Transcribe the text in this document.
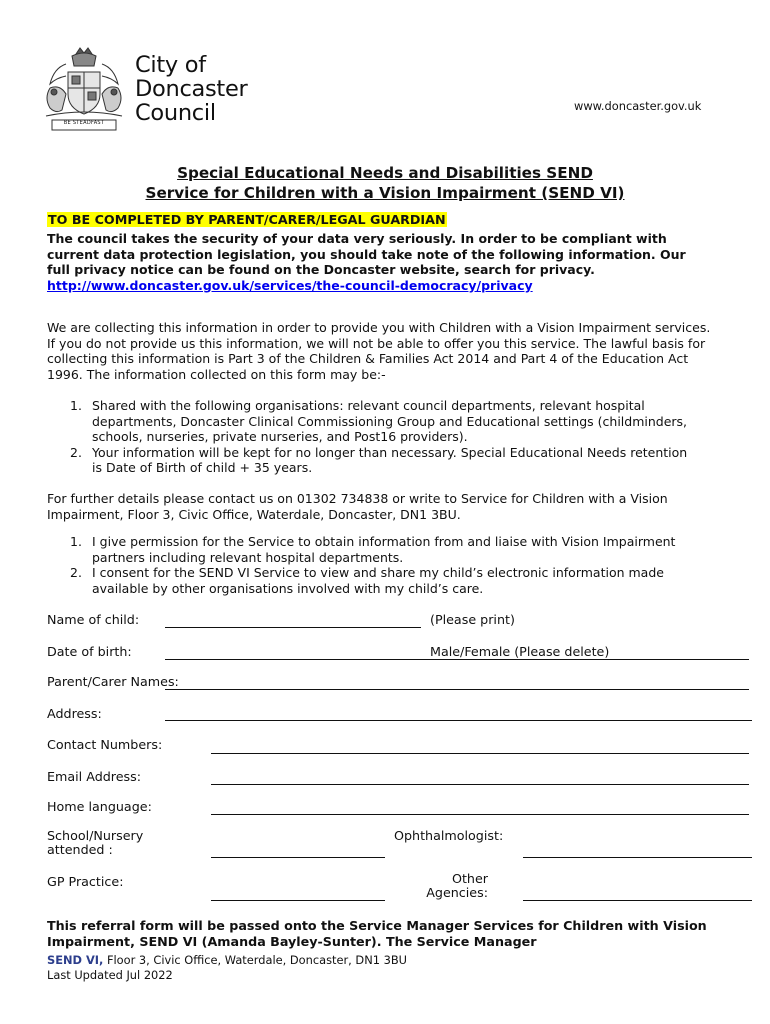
BE STEADFAST
City of
Doncaster
Council	www.doncaster.gov.uk
Special Educational Needs and Disabilities SEND
Service for Children with a Vision Impairment (SEND VI)
TO BE COMPLETED BY PARENT/CARER/LEGAL GUARDIAN
The council takes the security of your data very seriously. In order to be compliant with current data protection legislation, you should take note of the following information. Our full privacy notice can be found on the Doncaster website, search for privacy.  http://www.doncaster.gov.uk/services/the-council-democracy/privacy
We are collecting this information in order to provide you with Children with a Vision Impairment services. If you do not provide us this information, we will not be able to offer you this service. The lawful basis for collecting this information is Part 3 of the Children & Families Act 2014 and Part 4 of the Education Act 1996. The information collected on this form may be:-
1. Shared with the following organisations: relevant council departments, relevant hospital departments, Doncaster Clinical Commissioning Group and Educational settings (childminders, schools, nurseries, private nurseries, and Post16 providers).
2. Your information will be kept for no longer than necessary. Special Educational Needs retention is Date of Birth of child + 35 years.
For further details please contact us on 01302 734838 or write to Service for Children with a Vision Impairment, Floor 3, Civic Office, Waterdale, Doncaster, DN1 3BU.
1. I give permission for the Service to obtain information from and liaise with Vision Impairment partners including relevant hospital departments.
2. I consent for the SEND VI Service to view and share my child’s electronic information made available by other organisations involved with my child’s care.
Name of child:	(Please print)
Date of birth:	Male/Female (Please delete)
Parent/Carer Names:
Address:
Contact Numbers:
Email Address:
Home language:
School/Nursery
attended :
Ophthalmologist:
GP Practice:	Other
Agencies:
This referral form will be passed onto the Service Manager Services for Children with Vision Impairment, SEND VI (Amanda Bayley-Sunter). The Service Manager
SEND VI, Floor 3, Civic Office, Waterdale, Doncaster, DN1 3BU
Last Updated Jul 2022
